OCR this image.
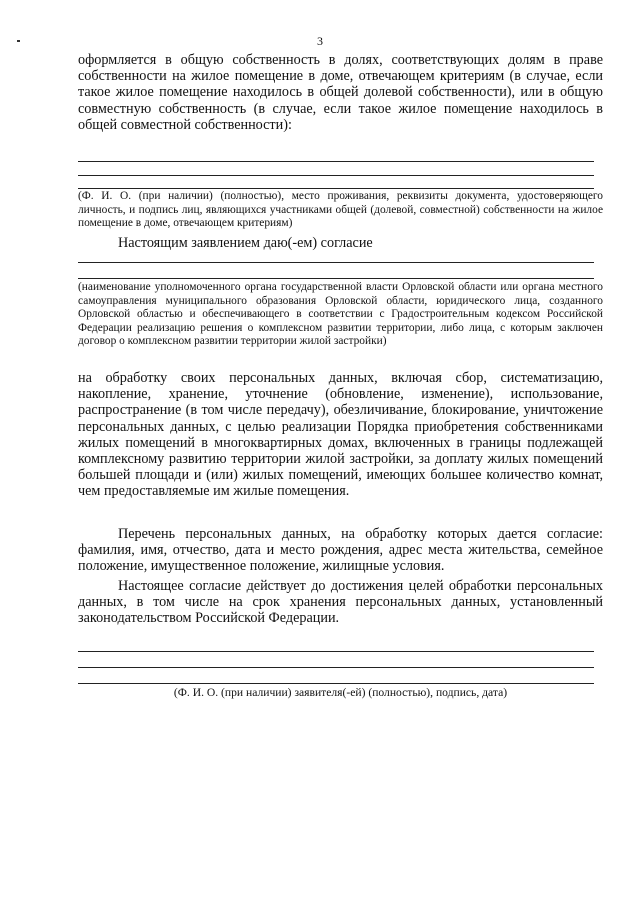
3
оформляется в общую собственность в долях, соответствующих долям в праве собственности на жилое помещение в доме, отвечающем критериям (в случае, если такое жилое помещение находилось в общей долевой собственности), или в общую совместную собственность (в случае, если такое жилое помещение находилось в общей совместной собственности):
(Ф. И. О. (при наличии) (полностью), место проживания, реквизиты документа, удостоверяющего личность, и подпись лиц, являющихся участниками общей (долевой, совместной) собственности на жилое помещение в доме, отвечающем критериям)
Настоящим заявлением даю(-ем) согласие
(наименование уполномоченного органа государственной власти Орловской области или органа местного самоуправления муниципального образования Орловской области, юридического лица, созданного Орловской областью и обеспечивающего в соответствии с Градостроительным кодексом Российской Федерации реализацию решения о комплексном развитии территории, либо лица, с которым заключен договор о комплексном развитии территории жилой застройки)
на обработку своих персональных данных, включая сбор, систематизацию, накопление, хранение, уточнение (обновление, изменение), использование, распространение (в том числе передачу), обезличивание, блокирование, уничтожение персональных данных, с целью реализации Порядка приобретения собственниками жилых помещений в многоквартирных домах, включенных в границы подлежащей комплексному развитию территории жилой застройки, за доплату жилых помещений большей площади и (или) жилых помещений, имеющих большее количество комнат, чем предоставляемые им жилые помещения.
Перечень персональных данных, на обработку которых дается согласие: фамилия, имя, отчество, дата и место рождения, адрес места жительства, семейное положение, имущественное положение, жилищные условия.
Настоящее согласие действует до достижения целей обработки персональных данных, в том числе на срок хранения персональных данных, установленный законодательством Российской Федерации.
(Ф. И. О. (при наличии) заявителя(-ей) (полностью), подпись, дата)
